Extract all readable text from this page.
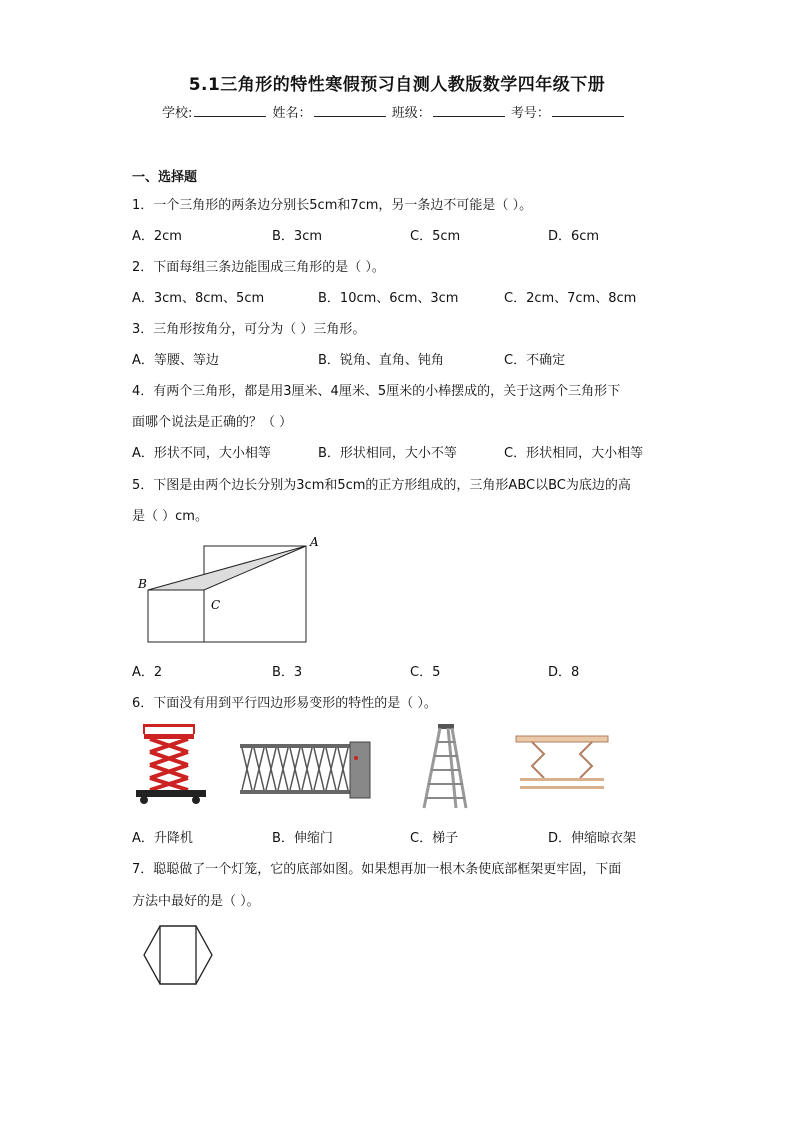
5.1三角形的特性寒假预习自测人教版数学四年级下册
学校:	姓名：	班级：	考号：
一、选择题
1．一个三角形的两条边分别长5cm和7cm，另一条边不可能是（ ）。
A．2cm	B．3cm	C．5cm	D．6cm
2．下面每组三条边能围成三角形的是（ ）。
A．3cm、8cm、5cm	B．10cm、6cm、3cm	C．2cm、7cm、8cm
3．三角形按角分，可分为（ ）三角形。
A．等腰、等边	B．锐角、直角、钝角	C．不确定
4．有两个三角形，都是用3厘米、4厘米、5厘米的小棒摆成的，关于这两个三角形下
面哪个说法是正确的？（ ）
A．形状不同，大小相等	B．形状相同，大小不等	C．形状相同，大小相等
5．下图是由两个边长分别为3cm和5cm的正方形组成的，三角形ABC以BC为底边的高
是（ ）cm。
A
B
C
A．2	B．3	C．5	D．8
6．下面没有用到平行四边形易变形的特性的是（ ）。
A．升降机	B．伸缩门	C．梯子	D．伸缩晾衣架
7．聪聪做了一个灯笼，它的底部如图。如果想再加一根木条使底部框架更牢固，下面
方法中最好的是（ ）。
